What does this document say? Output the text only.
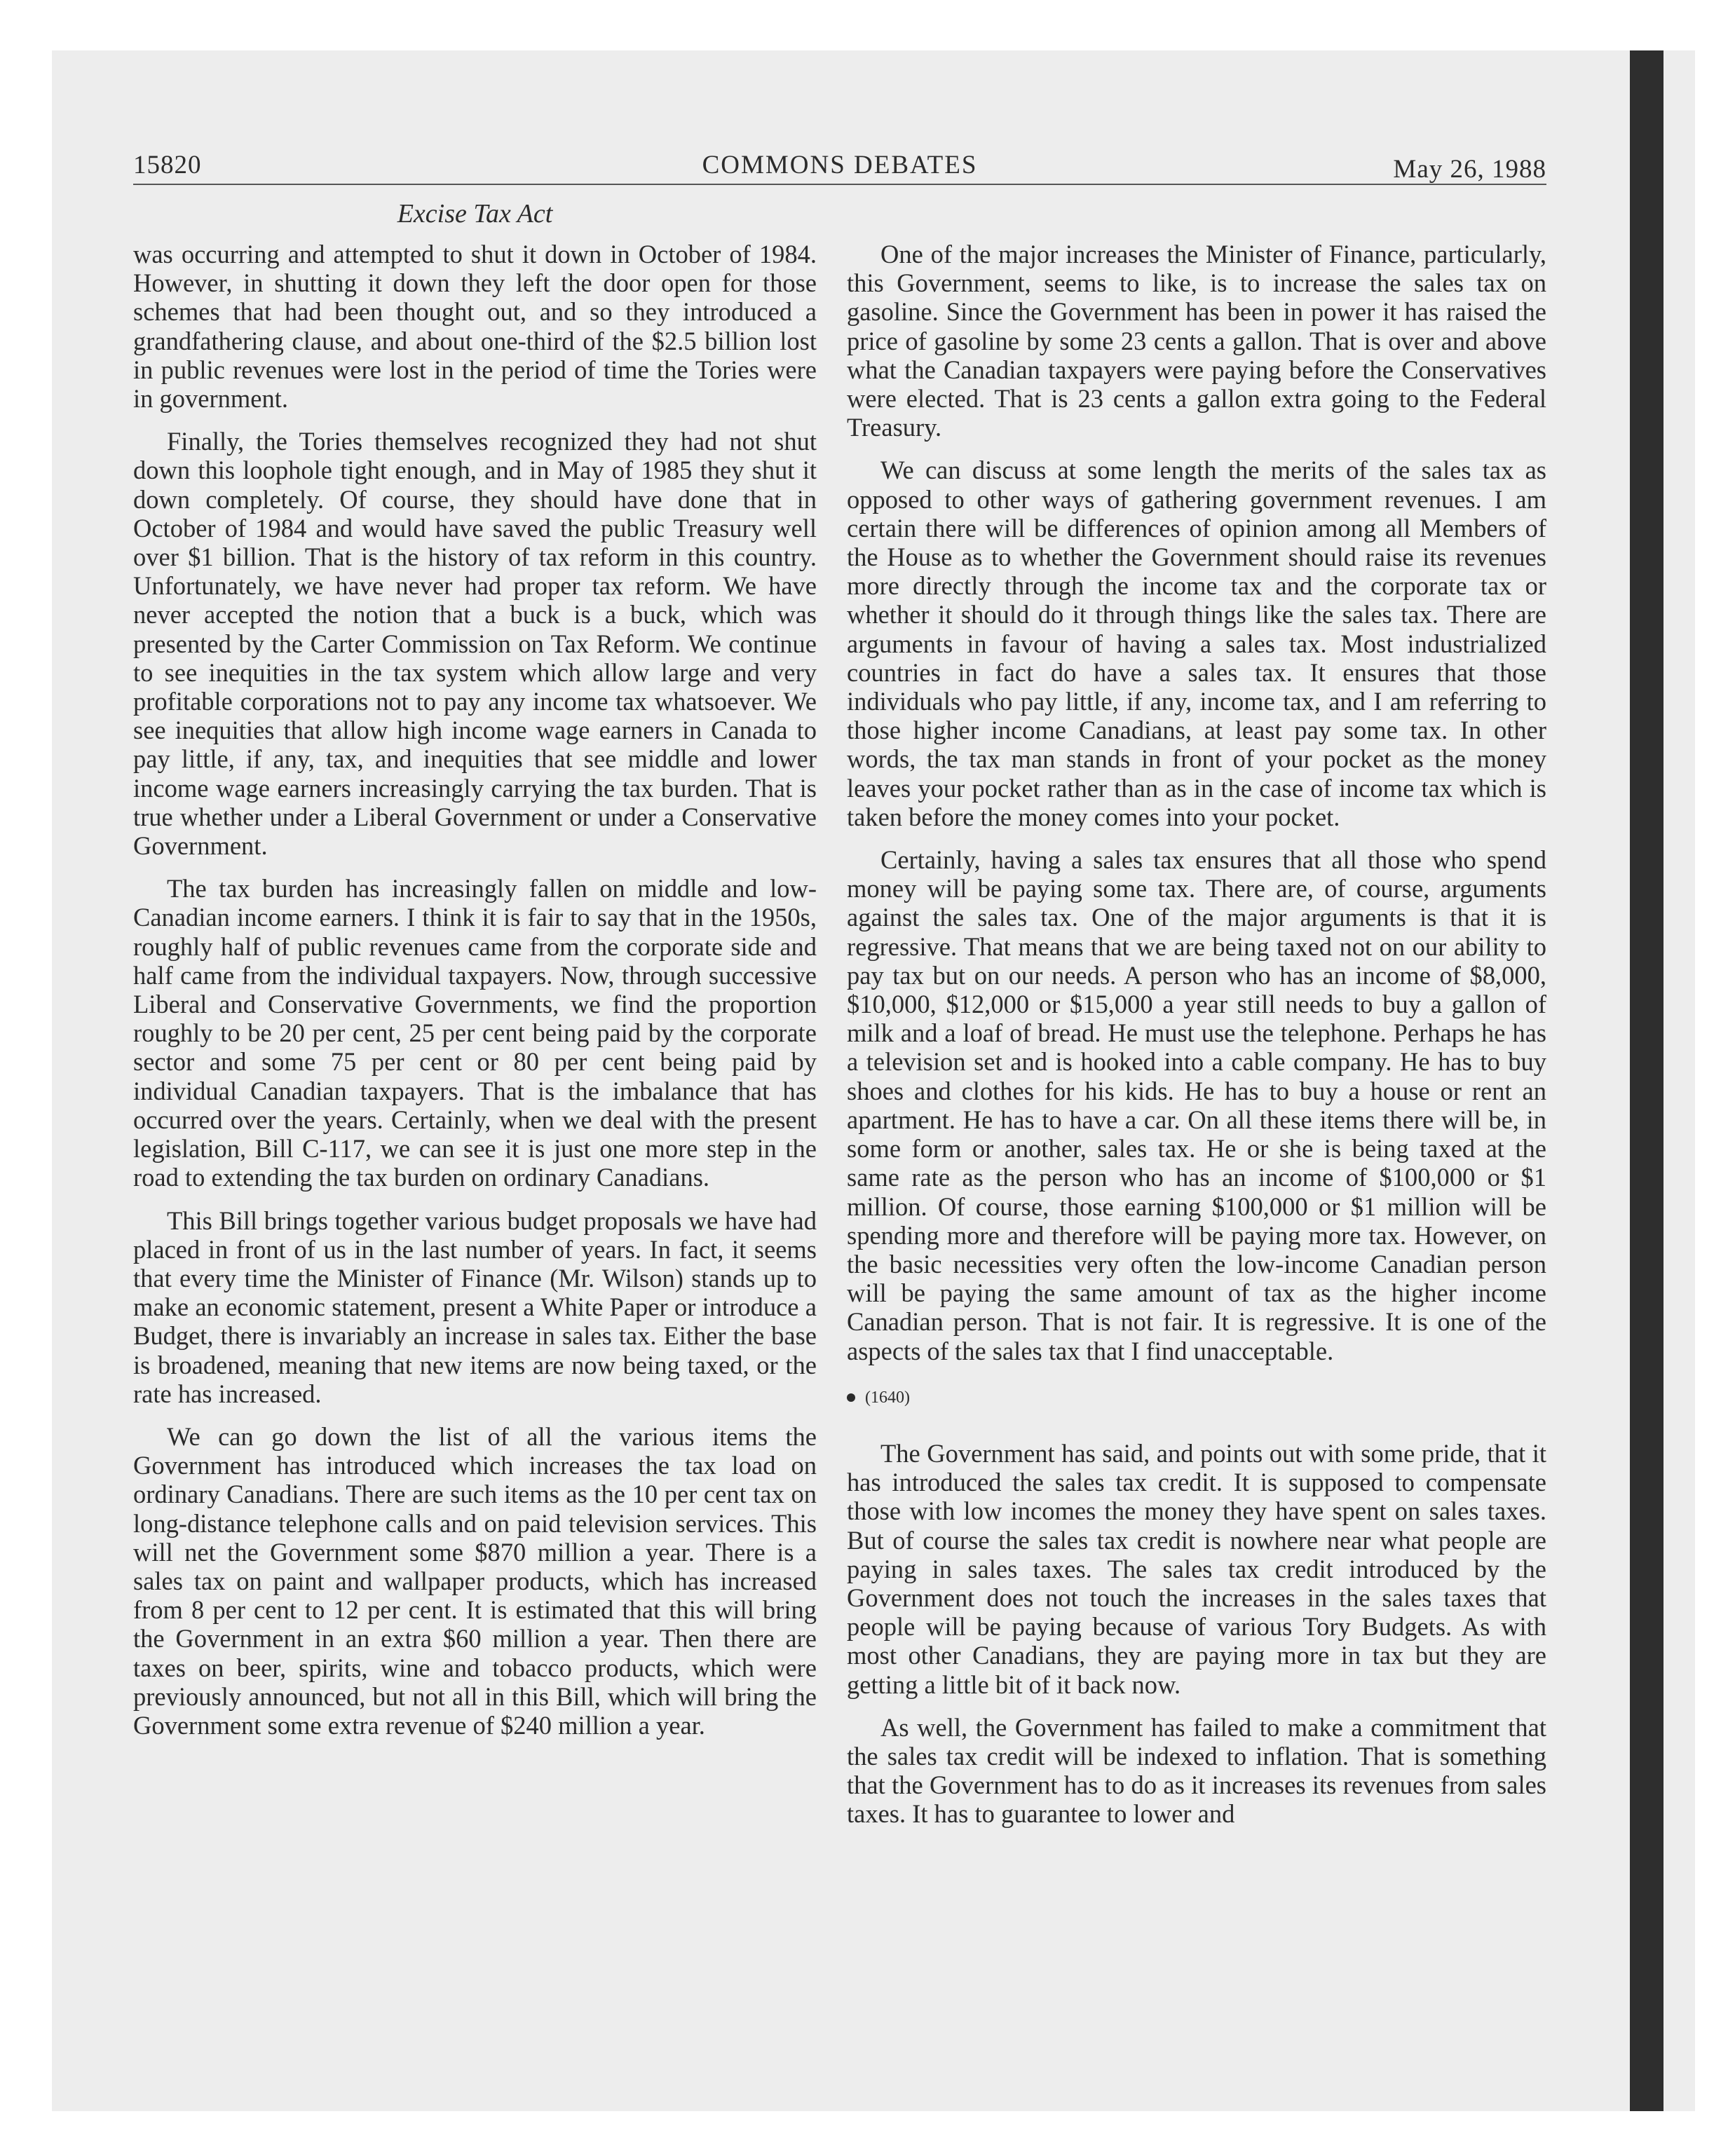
15820	COMMONS DEBATES	May 26, 1988
Excise Tax Act

was occurring and attempted to shut it down in October of 1984. However, in shutting it down they left the door open for those schemes that had been thought out, and so they introduced a grandfathering clause, and about one-third of the $2.5 billion lost in public revenues were lost in the period of time the Tories were in government.

Finally, the Tories themselves recognized they had not shut down this loophole tight enough, and in May of 1985 they shut it down completely. Of course, they should have done that in October of 1984 and would have saved the public Treasury well over $1 billion. That is the history of tax reform in this country. Unfortunately, we have never had proper tax reform. We have never accepted the notion that a buck is a buck, which was presented by the Carter Commission on Tax Reform. We continue to see inequities in the tax system which allow large and very profitable corporations not to pay any income tax whatsoever. We see inequities that allow high income wage earners in Canada to pay little, if any, tax, and inequities that see middle and lower income wage earners increasingly carrying the tax burden. That is true whether under a Liberal Government or under a Conservative Government.

The tax burden has increasingly fallen on middle and low-Canadian income earners. I think it is fair to say that in the 1950s, roughly half of public revenues came from the corporate side and half came from the individual taxpayers. Now, through successive Liberal and Conservative Governments, we find the proportion roughly to be 20 per cent, 25 per cent being paid by the corporate sector and some 75 per cent or 80 per cent being paid by individual Canadian taxpayers. That is the imbalance that has occurred over the years. Certainly, when we deal with the present legislation, Bill C-117, we can see it is just one more step in the road to extending the tax burden on ordinary Canadians.

This Bill brings together various budget proposals we have had placed in front of us in the last number of years. In fact, it seems that every time the Minister of Finance (Mr. Wilson) stands up to make an economic statement, present a White Paper or introduce a Budget, there is invariably an increase in sales tax. Either the base is broadened, meaning that new items are now being taxed, or the rate has increased.

We can go down the list of all the various items the Government has introduced which increases the tax load on ordinary Canadians. There are such items as the 10 per cent tax on long-distance telephone calls and on paid television services. This will net the Government some $870 million a year. There is a sales tax on paint and wallpaper products, which has increased from 8 per cent to 12 per cent. It is estimated that this will bring the Government in an extra $60 million a year. Then there are taxes on beer, spirits, wine and tobacco products, which were previously announced, but not all in this Bill, which will bring the Government some extra revenue of $240 million a year.

One of the major increases the Minister of Finance, particularly, this Government, seems to like, is to increase the sales tax on gasoline. Since the Government has been in power it has raised the price of gasoline by some 23 cents a gallon. That is over and above what the Canadian taxpayers were paying before the Conservatives were elected. That is 23 cents a gallon extra going to the Federal Treasury.

We can discuss at some length the merits of the sales tax as opposed to other ways of gathering government revenues. I am certain there will be differences of opinion among all Members of the House as to whether the Government should raise its revenues more directly through the income tax and the corporate tax or whether it should do it through things like the sales tax. There are arguments in favour of having a sales tax. Most industrialized countries in fact do have a sales tax. It ensures that those individuals who pay little, if any, income tax, and I am referring to those higher income Canadians, at least pay some tax. In other words, the tax man stands in front of your pocket as the money leaves your pocket rather than as in the case of income tax which is taken before the money comes into your pocket.

Certainly, having a sales tax ensures that all those who spend money will be paying some tax. There are, of course, arguments against the sales tax. One of the major arguments is that it is regressive. That means that we are being taxed not on our ability to pay tax but on our needs. A person who has an income of $8,000, $10,000, $12,000 or $15,000 a year still needs to buy a gallon of milk and a loaf of bread. He must use the telephone. Perhaps he has a television set and is hooked into a cable company. He has to buy shoes and clothes for his kids. He has to buy a house or rent an apartment. He has to have a car. On all these items there will be, in some form or another, sales tax. He or she is being taxed at the same rate as the person who has an income of $100,000 or $1 million. Of course, those earning $100,000 or $1 million will be spending more and therefore will be paying more tax. However, on the basic necessities very often the low-income Canadian person will be paying the same amount of tax as the higher income Canadian person. That is not fair. It is regressive. It is one of the aspects of the sales tax that I find unacceptable.

(1640)

The Government has said, and points out with some pride, that it has introduced the sales tax credit. It is supposed to compensate those with low incomes the money they have spent on sales taxes. But of course the sales tax credit is nowhere near what people are paying in sales taxes. The sales tax credit introduced by the Government does not touch the increases in the sales taxes that people will be paying because of various Tory Budgets. As with most other Canadians, they are paying more in tax but they are getting a little bit of it back now.

As well, the Government has failed to make a commitment that the sales tax credit will be indexed to inflation. That is something that the Government has to do as it increases its revenues from sales taxes. It has to guarantee to lower and
